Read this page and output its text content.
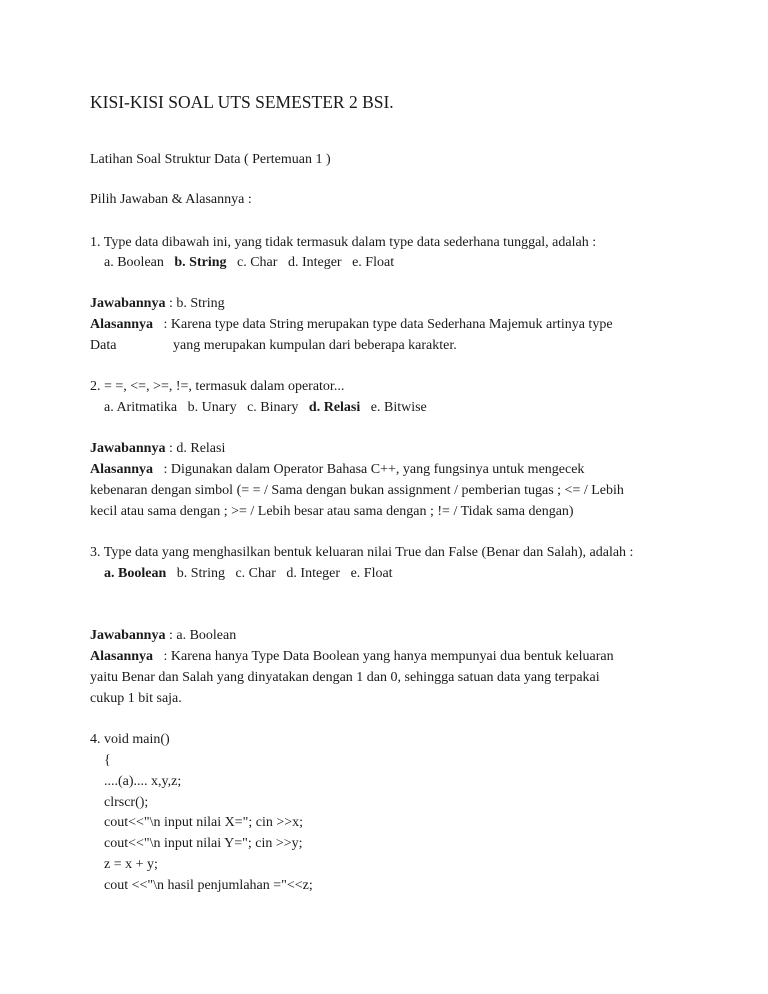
KISI-KISI SOAL UTS SEMESTER 2 BSI.
Latihan Soal Struktur Data ( Pertemuan 1 )
Pilih Jawaban & Alasannya :
1. Type data dibawah ini, yang tidak termasuk dalam type data sederhana tunggal, adalah :
a. Boolean b. String c. Char d. Integer e. Float
Jawabannya : b. String
Alasannya   : Karena type data String merupakan type data Sederhana Majemuk artinya type
Data	yang merupakan kumpulan dari beberapa karakter.
2. = =, <=, >=, !=, termasuk dalam operator...
a. Aritmatika b. Unary c. Binary d. Relasi e. Bitwise
Jawabannya : d. Relasi
Alasannya   : Digunakan dalam Operator Bahasa C++, yang fungsinya untuk mengecek
kebenaran dengan simbol (= = / Sama dengan bukan assignment / pemberian tugas ; <= / Lebih
kecil atau sama dengan ; >= / Lebih besar atau sama dengan ; != / Tidak sama dengan)
3. Type data yang menghasilkan bentuk keluaran nilai True dan False (Benar dan Salah), adalah :
a. Boolean b. String c. Char d. Integer e. Float
Jawabannya : a. Boolean
Alasannya   : Karena hanya Type Data Boolean yang hanya mempunyai dua bentuk keluaran
yaitu Benar dan Salah yang dinyatakan dengan 1 dan 0, sehingga satuan data yang terpakai
cukup 1 bit saja.
4. void main()
{
....(a).... x,y,z;
clrscr();
cout<<"\n input nilai X="; cin >>x;
cout<<"\n input nilai Y="; cin >>y;
z = x + y;
cout <<"\n hasil penjumlahan ="<<z;
